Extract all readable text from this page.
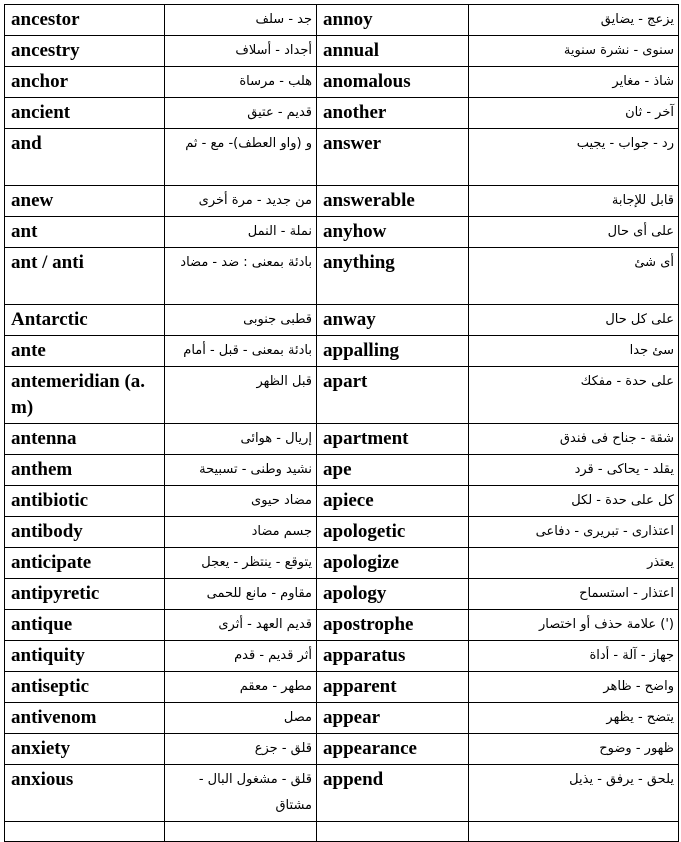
ancestor	جد - سلف	annoy	يزعج - يضايق
ancestry	أجداد - أسلاف	annual	سنوى - نشرة سنوية
anchor	هلب - مرساة	anomalous	شاذ - مغاير
ancient	قديم - عتيق	another	آخر - ثان
and	و (واو العطف)- مع - ثم	answer	رد - جواب - يجيب
anew	من جديد - مرة أخرى	answerable	قابل للإجابة
ant	نملة - النمل	anyhow	على أى حال
ant / anti	بادئة بمعنى : ضد - مضاد	anything	أى شئ
Antarctic	قطبى جنوبى	anway	على كل حال
ante	بادئة بمعنى - قبل - أمام	appalling	سئ جدا
antemeridian (a. m)	قبل الظهر	apart	على حدة - مفكك
antenna	إريال - هوائى	apartment	شقة - جناح فى فندق
anthem	نشيد وطنى - تسبيحة	ape	يقلد - يحاكى - قرد
antibiotic	مضاد حيوى	apiece	كل على حدة - لكل
antibody	جسم مضاد	apologetic	اعتذارى - تبريرى - دفاعى
anticipate	يتوقع - ينتظر - يعجل	apologize	يعتذر
antipyretic	مقاوم - مانع للحمى	apology	اعتذار - استسماح
antique	قديم العهد - أثرى	apostrophe	(') علامة حذف أو اختصار
antiquity	أثر قديم - قدم	apparatus	جهاز - آلة - أداة
antiseptic	مطهر - معقم	apparent	واضح - ظاهر
antivenom	مصل	appear	يتضح - يظهر
anxiety	قلق - جزع	appearance	ظهور - وضوح
anxious	قلق - مشغول البال - مشتاق	append	يلحق - يرفق - يذيل
